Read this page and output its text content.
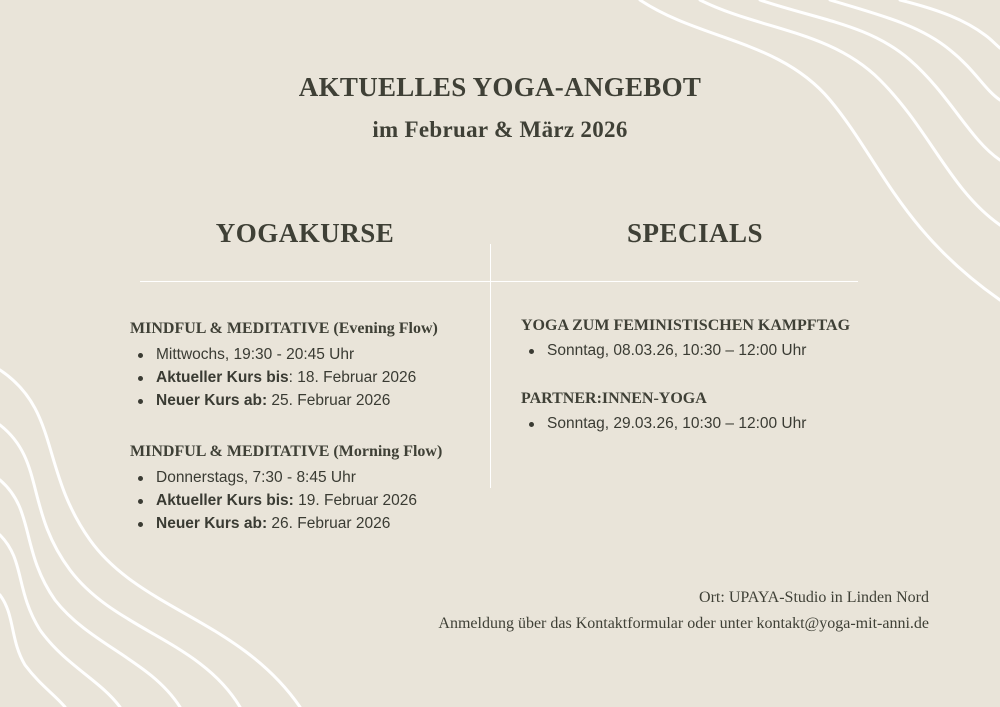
AKTUELLES YOGA-ANGEBOT
im Februar & März 2026
YOGAKURSE	SPECIALS
MINDFUL & MEDITATIVE (Evening Flow)
Mittwochs, 19:30 - 20:45 Uhr
Aktueller Kurs bis: 18. Februar 2026
Neuer Kurs ab: 25. Februar 2026
MINDFUL & MEDITATIVE (Morning Flow)
Donnerstags, 7:30 - 8:45 Uhr
Aktueller Kurs bis: 19. Februar 2026
Neuer Kurs ab: 26. Februar 2026
YOGA ZUM FEMINISTISCHEN KAMPFTAG
Sonntag, 08.03.26, 10:30 – 12:00 Uhr
PARTNER:INNEN-YOGA
Sonntag, 29.03.26, 10:30 – 12:00 Uhr
Ort: UPAYA-Studio in Linden Nord
Anmeldung über das Kontaktformular oder unter kontakt@yoga-mit-anni.de
